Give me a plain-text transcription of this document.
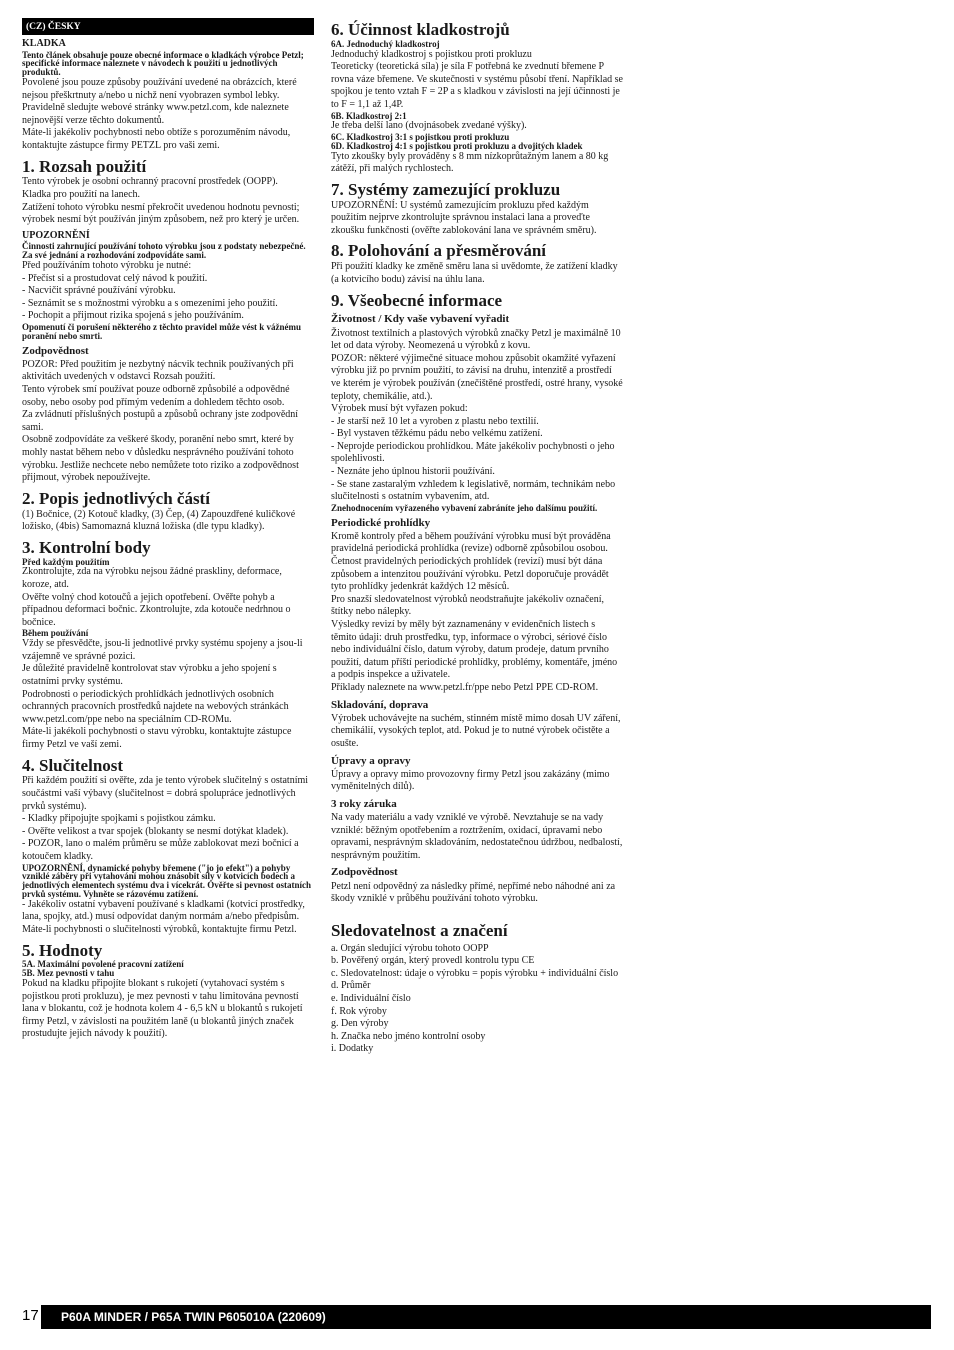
(CZ) ČESKY

KLADKA

Tento článek obsahuje pouze obecné informace o kladkách výrobce Petzl; specifické informace naleznete v návodech k použití u jednotlivých produktů.

Povolené jsou pouze způsoby používání uvedené na obrázcích, které nejsou přeškrtnuty a/nebo u nichž není vyobrazen symbol lebky.

Pravidelně sledujte webové stránky www.petzl.com, kde naleznete nejnovější verze těchto dokumentů.

Máte-li jakékoliv pochybnosti nebo obtíže s porozuměním návodu, kontaktujte zástupce firmy PETZL pro vaši zemi.

1. Rozsah použití

Tento výrobek je osobní ochranný pracovní prostředek (OOPP).

Kladka pro použití na lanech.

Zatížení tohoto výrobku nesmí překročit uvedenou hodnotu pevnosti; výrobek nesmí být používán jiným způsobem, než pro který je určen.

UPOZORNĚNÍ

Činnosti zahrnující používání tohoto výrobku jsou z podstaty nebezpečné.

Za své jednání a rozhodování zodpovídáte sami.

Před používáním tohoto výrobku je nutné:

- Přečíst si a prostudovat celý návod k použití.

- Nacvičit správné používání výrobku.

- Seznámit se s možnostmi výrobku a s omezeními jeho použití.

- Pochopit a přijmout rizika spojená s jeho používáním.

Opomenutí či porušení některého z těchto pravidel může vést k vážnému poranění nebo smrti.

Zodpovědnost

POZOR: Před použitím je nezbytný nácvik technik používaných při aktivitách uvedených v odstavci Rozsah použití.

Tento výrobek smí používat pouze odborně způsobilé a odpovědné osoby, nebo osoby pod přímým vedením a dohledem těchto osob.

Za zvládnutí příslušných postupů a způsobů ochrany jste zodpovědní sami.

Osobně zodpovídáte za veškeré škody, poranění nebo smrt, které by mohly nastat během nebo v důsledku nesprávného používání tohoto výrobku. Jestliže nechcete nebo nemůžete toto riziko a zodpovědnost přijmout, výrobek nepoužívejte.

2. Popis jednotlivých částí

(1) Bočnice, (2) Kotouč kladky, (3) Čep, (4) Zapouzdřené kuličkové ložisko, (4bis) Samomazná kluzná ložiska (dle typu kladky).

3. Kontrolní body

Před každým použitím

Zkontrolujte, zda na výrobku nejsou žádné praskliny, deformace, koroze, atd.

Ověřte volný chod kotoučů a jejich opotřebení. Ověřte pohyb a případnou deformaci bočnic. Zkontrolujte, zda kotouče nedrhnou o bočnice.

Během používání

Vždy se přesvědčte, jsou-li jednotlivé prvky systému spojeny a jsou-li vzájemně ve správné pozici.

Je důležité pravidelně kontrolovat stav výrobku a jeho spojení s ostatními prvky systému.

Podrobnosti o periodických prohlídkách jednotlivých osobních ochranných pracovních prostředků najdete na webových stránkách www.petzl.com/ppe nebo na speciálním CD-ROMu.

Máte-li jakékoli pochybnosti o stavu výrobku, kontaktujte zástupce firmy Petzl ve vaší zemi.

4. Slučitelnost

Při každém použití si ověřte, zda je tento výrobek slučitelný s ostatními součástmi vaší výbavy (slučitelnost = dobrá spolupráce jednotlivých prvků systému).

- Kladky připojujte spojkami s pojistkou zámku.

- Ověřte velikost a tvar spojek (blokanty se nesmí dotýkat kladek).

- POZOR, lano o malém průměru se může zablokovat mezi bočnicí a kotoučem kladky.

UPOZORNĚNÍ, dynamické pohyby břemene ("jo jo efekt") a pohyby vzniklé záběry při vytahování mohou znásobit síly v kotvicích bodech a jednotlivých elementech systému dva i vícekrát. Ověřte si pevnost ostatních prvků systému. Vyhněte se rázovému zatížení.

- Jakékoliv ostatní vybavení používané s kladkami (kotvicí prostředky, lana, spojky, atd.) musí odpovídat daným normám a/nebo předpisům.

Máte-li pochybnosti o slučitelnosti výrobků, kontaktujte firmu Petzl.

5. Hodnoty

5A. Maximální povolené pracovní zatížení

5B. Mez pevnosti v tahu

Pokud na kladku připojíte blokant s rukojetí (vytahovací systém s pojistkou proti prokluzu), je mez pevnosti v tahu limitována pevností lana v blokantu, což je hodnota kolem 4 - 6,5 kN u blokantů s rukojetí firmy Petzl, v závislosti na použitém laně (u blokantů jiných značek prostudujte jejich návody k použití).

6. Účinnost kladkostrojů

6A. Jednoduchý kladkostroj

Jednoduchý kladkostroj s pojistkou proti prokluzu

Teoreticky (teoretická síla) je síla F potřebná ke zvednutí břemene P rovna váze břemene. Ve skutečnosti v systému působí tření. Například se spojkou je tento vztah F = 2P a s kladkou v závislosti na její účinnosti je to F = 1,1 až 1,4P.

6B. Kladkostroj 2:1

Je třeba delší lano (dvojnásobek zvedané výšky).

6C. Kladkostroj 3:1 s pojistkou proti prokluzu

6D. Kladkostroj 4:1 s pojistkou proti prokluzu a dvojitých kladek

Tyto zkoušky byly prováděny s 8 mm nízkoprůtažným lanem a 80 kg zátěží, při malých rychlostech.

7. Systémy zamezující prokluzu

UPOZORNĚNÍ: U systémů zamezujícím prokluzu před každým použitím nejprve zkontrolujte správnou instalaci lana a proveďte zkoušku funkčnosti (ověřte zablokování lana ve správném směru).

8. Polohování a přesměrování

Při použití kladky ke změně směru lana si uvědomte, že zatížení kladky (a kotvicího bodu) závisí na úhlu lana.

9. Všeobecné informace

Životnost / Kdy vaše vybavení vyřadit

Životnost textilních a plastových výrobků značky Petzl je maximálně 10 let od data výroby. Neomezená u výrobků z kovu.

POZOR: některé výjimečné situace mohou způsobit okamžité vyřazení výrobku již po prvním použití, to závisí na druhu, intenzitě a prostředí ve kterém je výrobek používán (znečištěné prostředí, ostré hrany, vysoké teploty, chemikálie, atd.).

Výrobek musí být vyřazen pokud:

- Je starší než 10 let a vyroben z plastu nebo textilií.

- Byl vystaven těžkému pádu nebo velkému zatížení.

- Neprojde periodickou prohlídkou. Máte jakékoliv pochybnosti o jeho spolehlivosti.

- Neznáte jeho úplnou historii používání.

- Se stane zastaralým vzhledem k legislativě, normám, technikám nebo slučitelnosti s ostatním vybavením, atd.

Znehodnocením vyřazeného vybavení zabráníte jeho dalšímu použití.

Periodické prohlídky

Kromě kontroly před a během používání výrobku musí být prováděna pravidelná periodická prohlídka (revize) odborně způsobilou osobou. Četnost pravidelných periodických prohlídek (revizí) musí být dána způsobem a intenzitou používání výrobku. Petzl doporučuje provádět tyto prohlídky jedenkrát každých 12 měsíců.

Pro snazší sledovatelnost výrobků neodstraňujte jakékoliv označení, štítky nebo nálepky.

Výsledky revizí by měly být zaznamenány v evidenčních listech s těmito údaji: druh prostředku, typ, informace o výrobci, sériové číslo nebo individuální číslo, datum výroby, datum prodeje, datum prvního použití, datum příští periodické prohlídky, problémy, komentáře, jméno a podpis inspekce a uživatele.

Příklady naleznete na www.petzl.fr/ppe nebo Petzl PPE CD-ROM.

Skladování, doprava

Výrobek uchovávejte na suchém, stinném místě mimo dosah UV záření, chemikálií, vysokých teplot, atd. Pokud je to nutné výrobek očistěte a osušte.

Úpravy a opravy

Úpravy a opravy mimo provozovny firmy Petzl jsou zakázány (mimo vyměnitelných dílů).

3 roky záruka

Na vady materiálu a vady vzniklé ve výrobě. Nevztahuje se na vady vzniklé: běžným opotřebením a roztržením, oxidací, úpravami nebo opravami, nesprávným skladováním, nedostatečnou údržbou, nedbalostí, nesprávným použitím.

Zodpovědnost

Petzl není odpovědný za následky přímé, nepřímé nebo náhodné ani za škody vzniklé v průběhu používání tohoto výrobku.

Sledovatelnost a značení

a. Orgán sledující výrobu tohoto OOPP

b. Pověřený orgán, který provedl kontrolu typu CE

c. Sledovatelnost: údaje o výrobku = popis výrobku + individuální číslo

d. Průměr

e. Individuální číslo

f. Rok výroby

g. Den výroby

h. Značka nebo jméno kontrolní osoby

i. Dodatky

17	P60A MINDER / P65A TWIN P605010A (220609)
